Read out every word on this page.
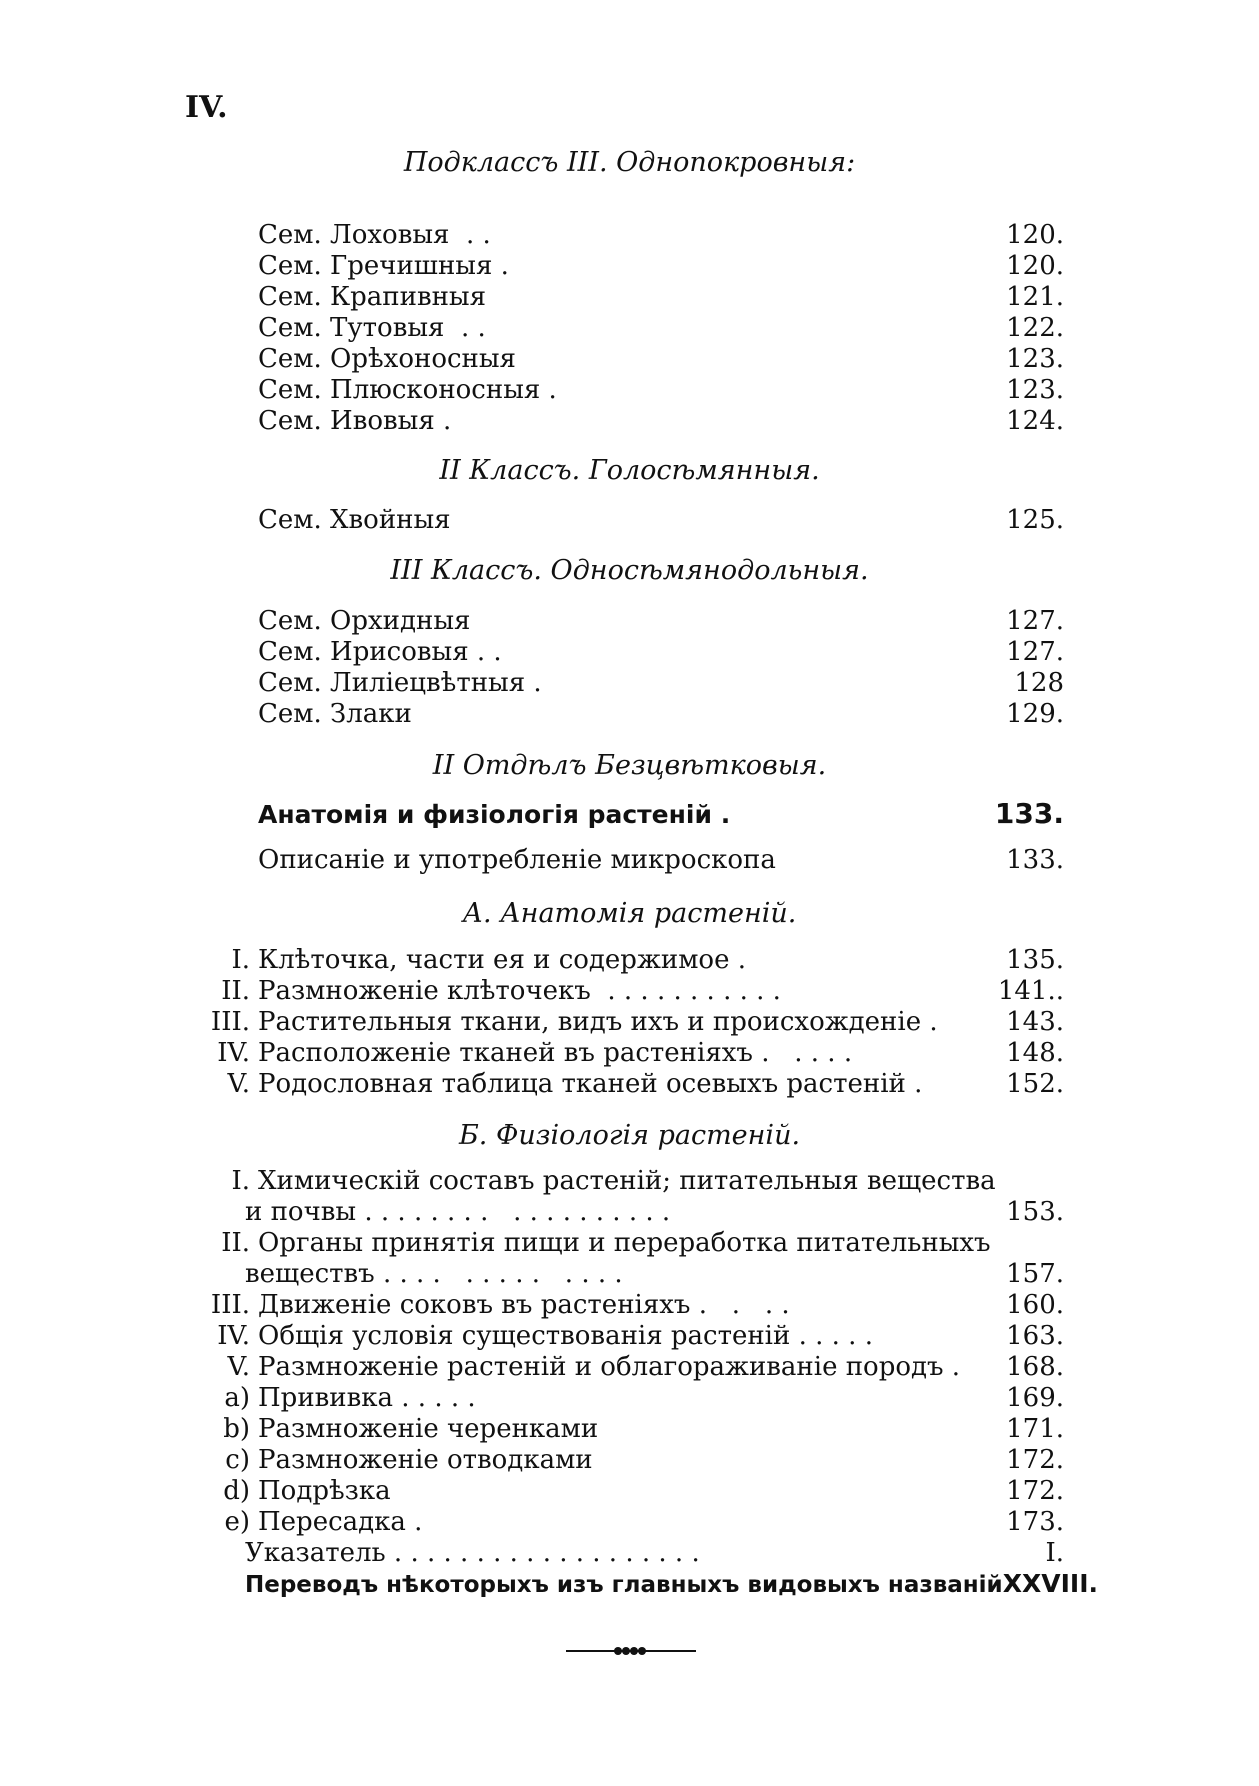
IV.
Подклассъ III. Однопокровныя:
Сем. Лоховыя  . .	120.
Сем. Гречишныя .	120.
Сем. Крапивныя	121.
Сем. Тутовыя  . .	122.
Сем. Орѣхоносныя	123.
Сем. Плюсконосныя .	123.
Сем. Ивовыя .	124.
II Классъ. Голосѣмянныя.
Сем. Хвойныя	125.
III Классъ. Односѣмянодольныя.
Сем. Орхидныя	127.
Сем. Ирисовыя . .	127.
Сем. Лилiецвѣтныя .	128
Сем. Злаки	129.
II Отдѣлъ Безцвѣтковыя.
Анатомiя и физiологiя растенiй .	133.
Описанiе и употребленiе микроскопа	133.
А. Анатомiя растенiй.
I. Клѣточка, части ея и содержимое .	135.
II. Размноженiе клѣточекъ  . . . . . . . . . . .	141..
III. Растительныя ткани, видъ ихъ и происхожденiе .	143.
IV. Расположенiе тканей въ растенiяхъ .   . . . .	148.
V. Родословная таблица тканей осевыхъ растенiй .	152.
Б. Физiологiя растенiй.
I. Химическiй составъ растенiй; питательныя вещества
и почвы . . . . . . . .   . . . . . . . . . .	153.
II. Органы принятiя пищи и переработка питательныхъ
веществъ . . . .   . . . . .   . . . .	157.
III. Движенiе соковъ въ растенiяхъ .   .   . .	160.
IV. Общiя условiя существованiя растенiй . . . . .	163.
V. Размноженiе растенiй и облагораживанiе породъ . 168.
a) Прививка . . . . .	169.
b) Размноженiе черенками	171.
c) Размноженiе отводками	172.
d) Подрѣзка	172.
e) Пересадка .	173.
Указатель . . . . . . . . . . . . . . . . . . .	I.
Переводъ нѣкоторыхъ изъ главныхъ видовыхъ названiй XXVIII.
